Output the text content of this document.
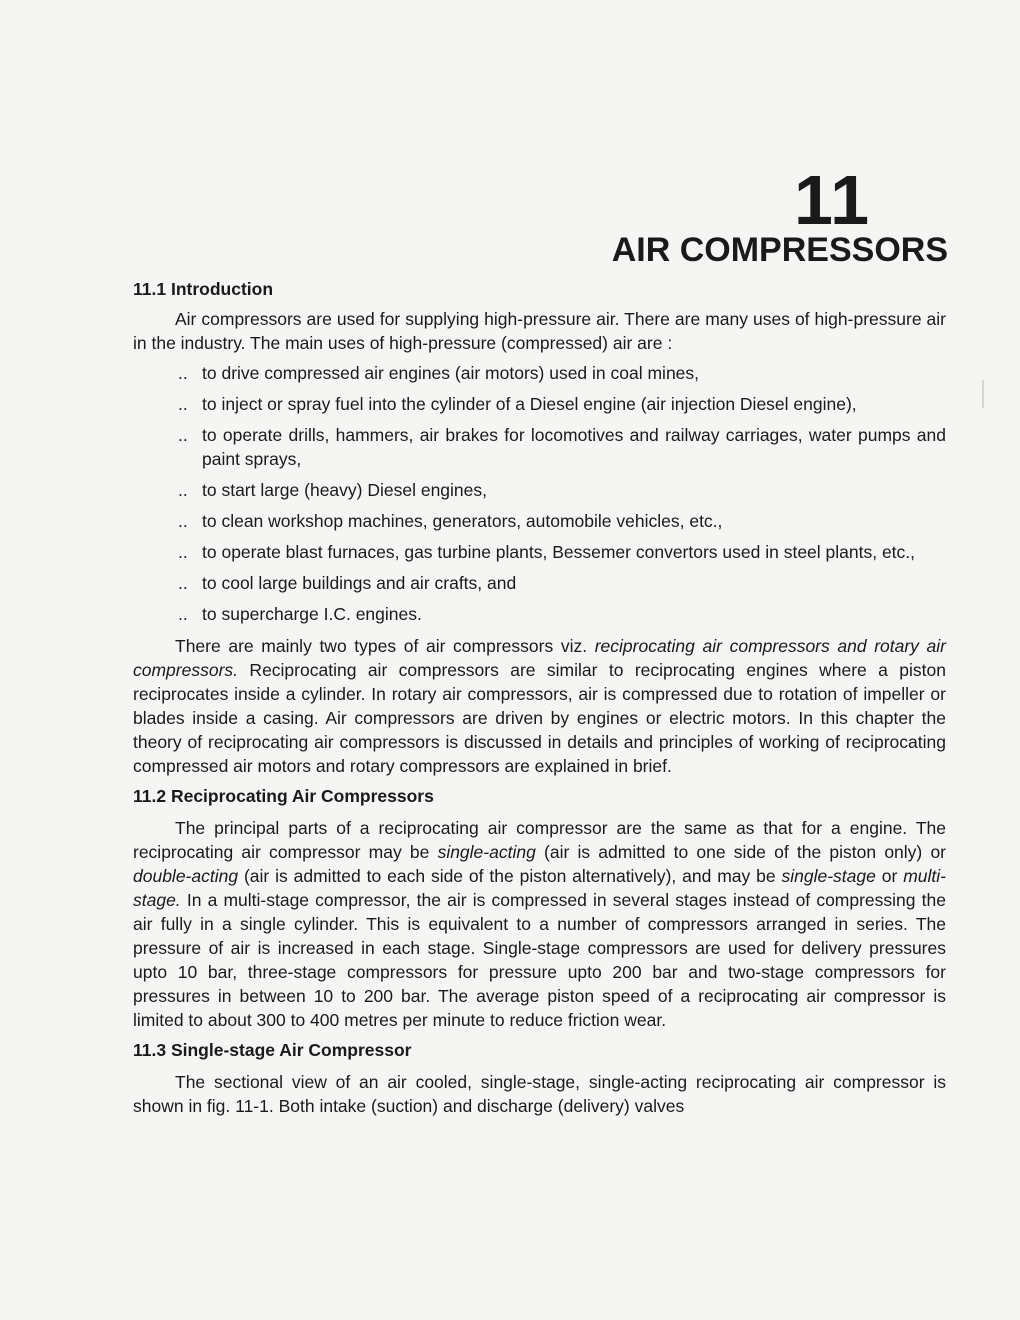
11
AIR COMPRESSORS
11.1 Introduction

Air compressors are used for supplying high-pressure air. There are many uses of high-pressure air in the industry. The main uses of high-pressure (compressed) air are :

.. to drive compressed air engines (air motors) used in coal mines,
.. to inject or spray fuel into the cylinder of a Diesel engine (air injection Diesel engine),
.. to operate drills, hammers, air brakes for locomotives and railway carriages, water pumps and paint sprays,
.. to start large (heavy) Diesel engines,
.. to clean workshop machines, generators, automobile vehicles, etc.,
.. to operate blast furnaces, gas turbine plants, Bessemer convertors used in steel plants, etc.,
.. to cool large buildings and air crafts, and
.. to supercharge I.C. engines.

There are mainly two types of air compressors viz. reciprocating air compressors and rotary air compressors. Reciprocating air compressors are similar to reciprocating engines where a piston reciprocates inside a cylinder. In rotary air compressors, air is compressed due to rotation of impeller or blades inside a casing. Air compressors are driven by engines or electric motors. In this chapter the theory of reciprocating air compressors is discussed in details and principles of working of reciprocating compressed air motors and rotary compressors are explained in brief.

11.2 Reciprocating Air Compressors

The principal parts of a reciprocating air compressor are the same as that for a engine. The reciprocating air compressor may be single-acting (air is admitted to one side of the piston only) or double-acting (air is admitted to each side of the piston alternatively), and may be single-stage or multi-stage. In a multi-stage compressor, the air is compressed in several stages instead of compressing the air fully in a single cylinder. This is equivalent to a number of compressors arranged in series. The pressure of air is increased in each stage. Single-stage compressors are used for delivery pressures upto 10 bar, three-stage compressors for pressure upto 200 bar and two-stage compressors for pressures in between 10 to 200 bar. The average piston speed of a reciprocating air compressor is limited to about 300 to 400 metres per minute to reduce friction wear.

11.3 Single-stage Air Compressor

The sectional view of an air cooled, single-stage, single-acting reciprocating air compressor is shown in fig. 11-1. Both intake (suction) and discharge (delivery) valves
